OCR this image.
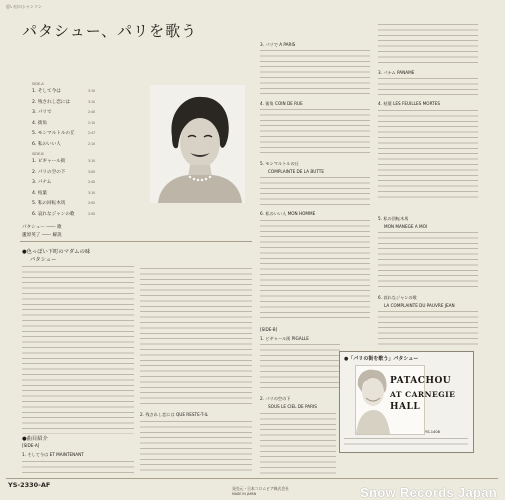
思い出のシャンソン
パタシュー、パリを歌う
SIDE-A
1. そして今は	3:10
2. 残されし恋には	3:10
3. パリで	2:40
4. 街角	2:10
5. モンマルトルの丘	2:47
6. 私のいい人	2:10
SIDE-B
1. ピギャール街	3:10
2. パリの空の下	3:00
3. パナム	2:40
4. 枯葉	3:10
5. 私の回転木馬	2:00
6. 哀れなジャンの歌	2:50
パタシュー ―― 歌
蘆原英了 ―― 解説
●色っぽい下町のマダムの味
パタシュー
●曲目紹介
[SIDE-A]
1. そして今は ET MAINTENANT
2. 残されし恋には QUE RESTE-T-IL
3. パリで A PARIS
4. 街角 COIN DE RUE
5. モンマルトルの丘
COMPLAINTE DE LA BUTTE
6. 私のいい人 MON HOMME
[SIDE-B]
1. ピギャール街 PIGALLE
2. パリの空の下
SOUS LE CIEL DE PARIS
3. パナム PANAME
4. 枯葉 LES FEUILLES MORTES
5. 私の回転木馬
MON MANEGE A MOI
6. 哀れなジャンの歌
LA COMPLAINTE DU PAUVRE JEAN
●「パリの街を歌う」パタシュー
PATACHOU
AT CARNEGIE
HALL
YS-1408
YS-2330-AF	発売元・日本コロムビア株式会社
MADE IN JAPAN	Snow Records Japan
